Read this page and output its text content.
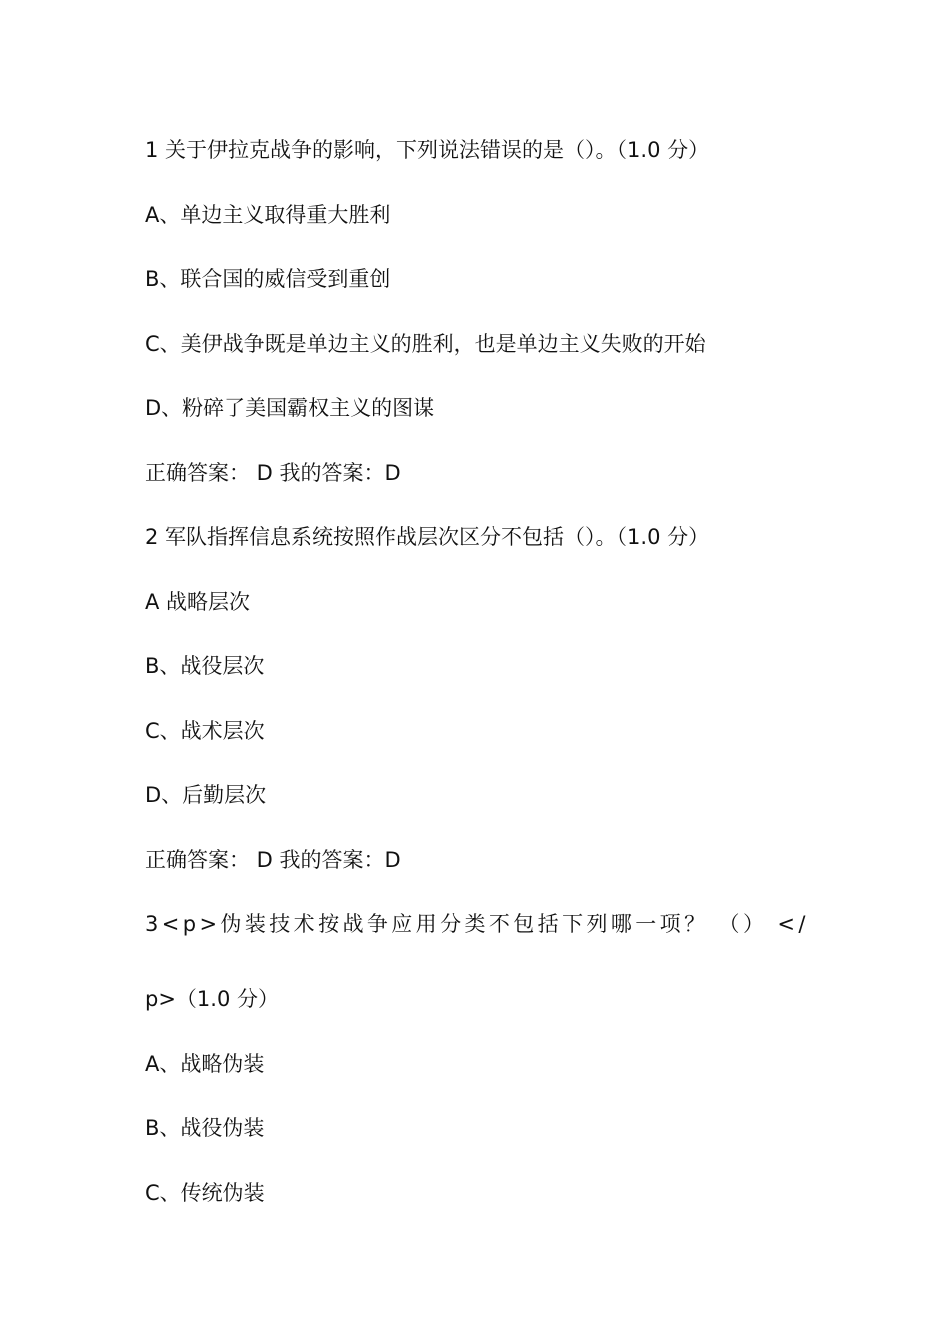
1 关于伊拉克战争的影响，下列说法错误的是（）。（1.0 分）
A、单边主义取得重大胜利
B、联合国的威信受到重创
C、美伊战争既是单边主义的胜利，也是单边主义失败的开始
D、粉碎了美国霸权主义的图谋
正确答案： D 我的答案：D
2 军队指挥信息系统按照作战层次区分不包括（）。（1.0 分）
A 战略层次
B、战役层次
C、战术层次
D、后勤层次
正确答案： D 我的答案：D
3<p>伪装技术按战争应用分类不包括下列哪一项？ （） </
p>（1.0 分）
A、战略伪装
B、战役伪装
C、传统伪装
